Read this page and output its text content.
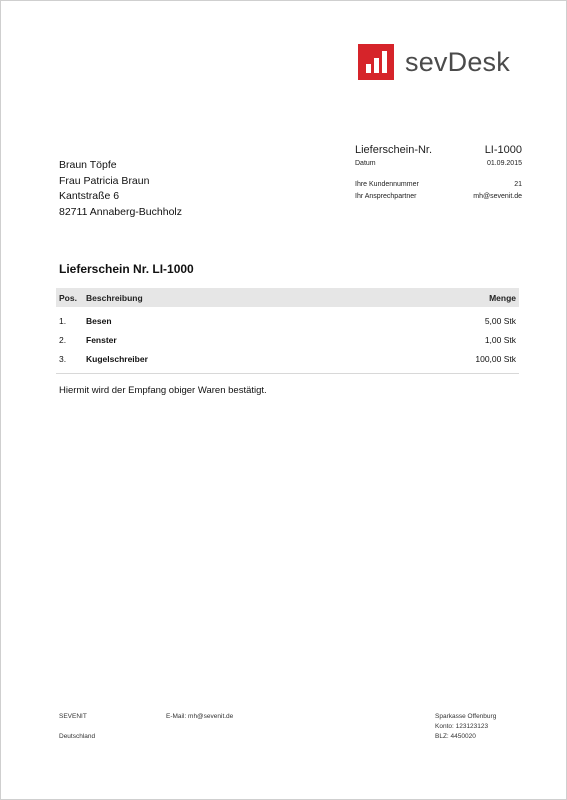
sevDesk
Braun Töpfe
Frau Patricia Braun
Kantstraße 6
82711 Annaberg-Buchholz
Lieferschein-Nr.	LI-1000
Datum	01.09.2015
Ihre Kundennummer	21
Ihr Ansprechpartner	mh@sevenit.de
Lieferschein Nr. LI-1000
Pos.	Beschreibung	Menge
1.	Besen	5,00 Stk
2.	Fenster	1,00 Stk
3.	Kugelschreiber	100,00 Stk
Hiermit wird der Empfang obiger Waren bestätigt.
SEVENIT
Deutschland
E-Mail: mh@sevenit.de	Sparkasse Offenburg
Konto: 123123123
BLZ: 4450020
